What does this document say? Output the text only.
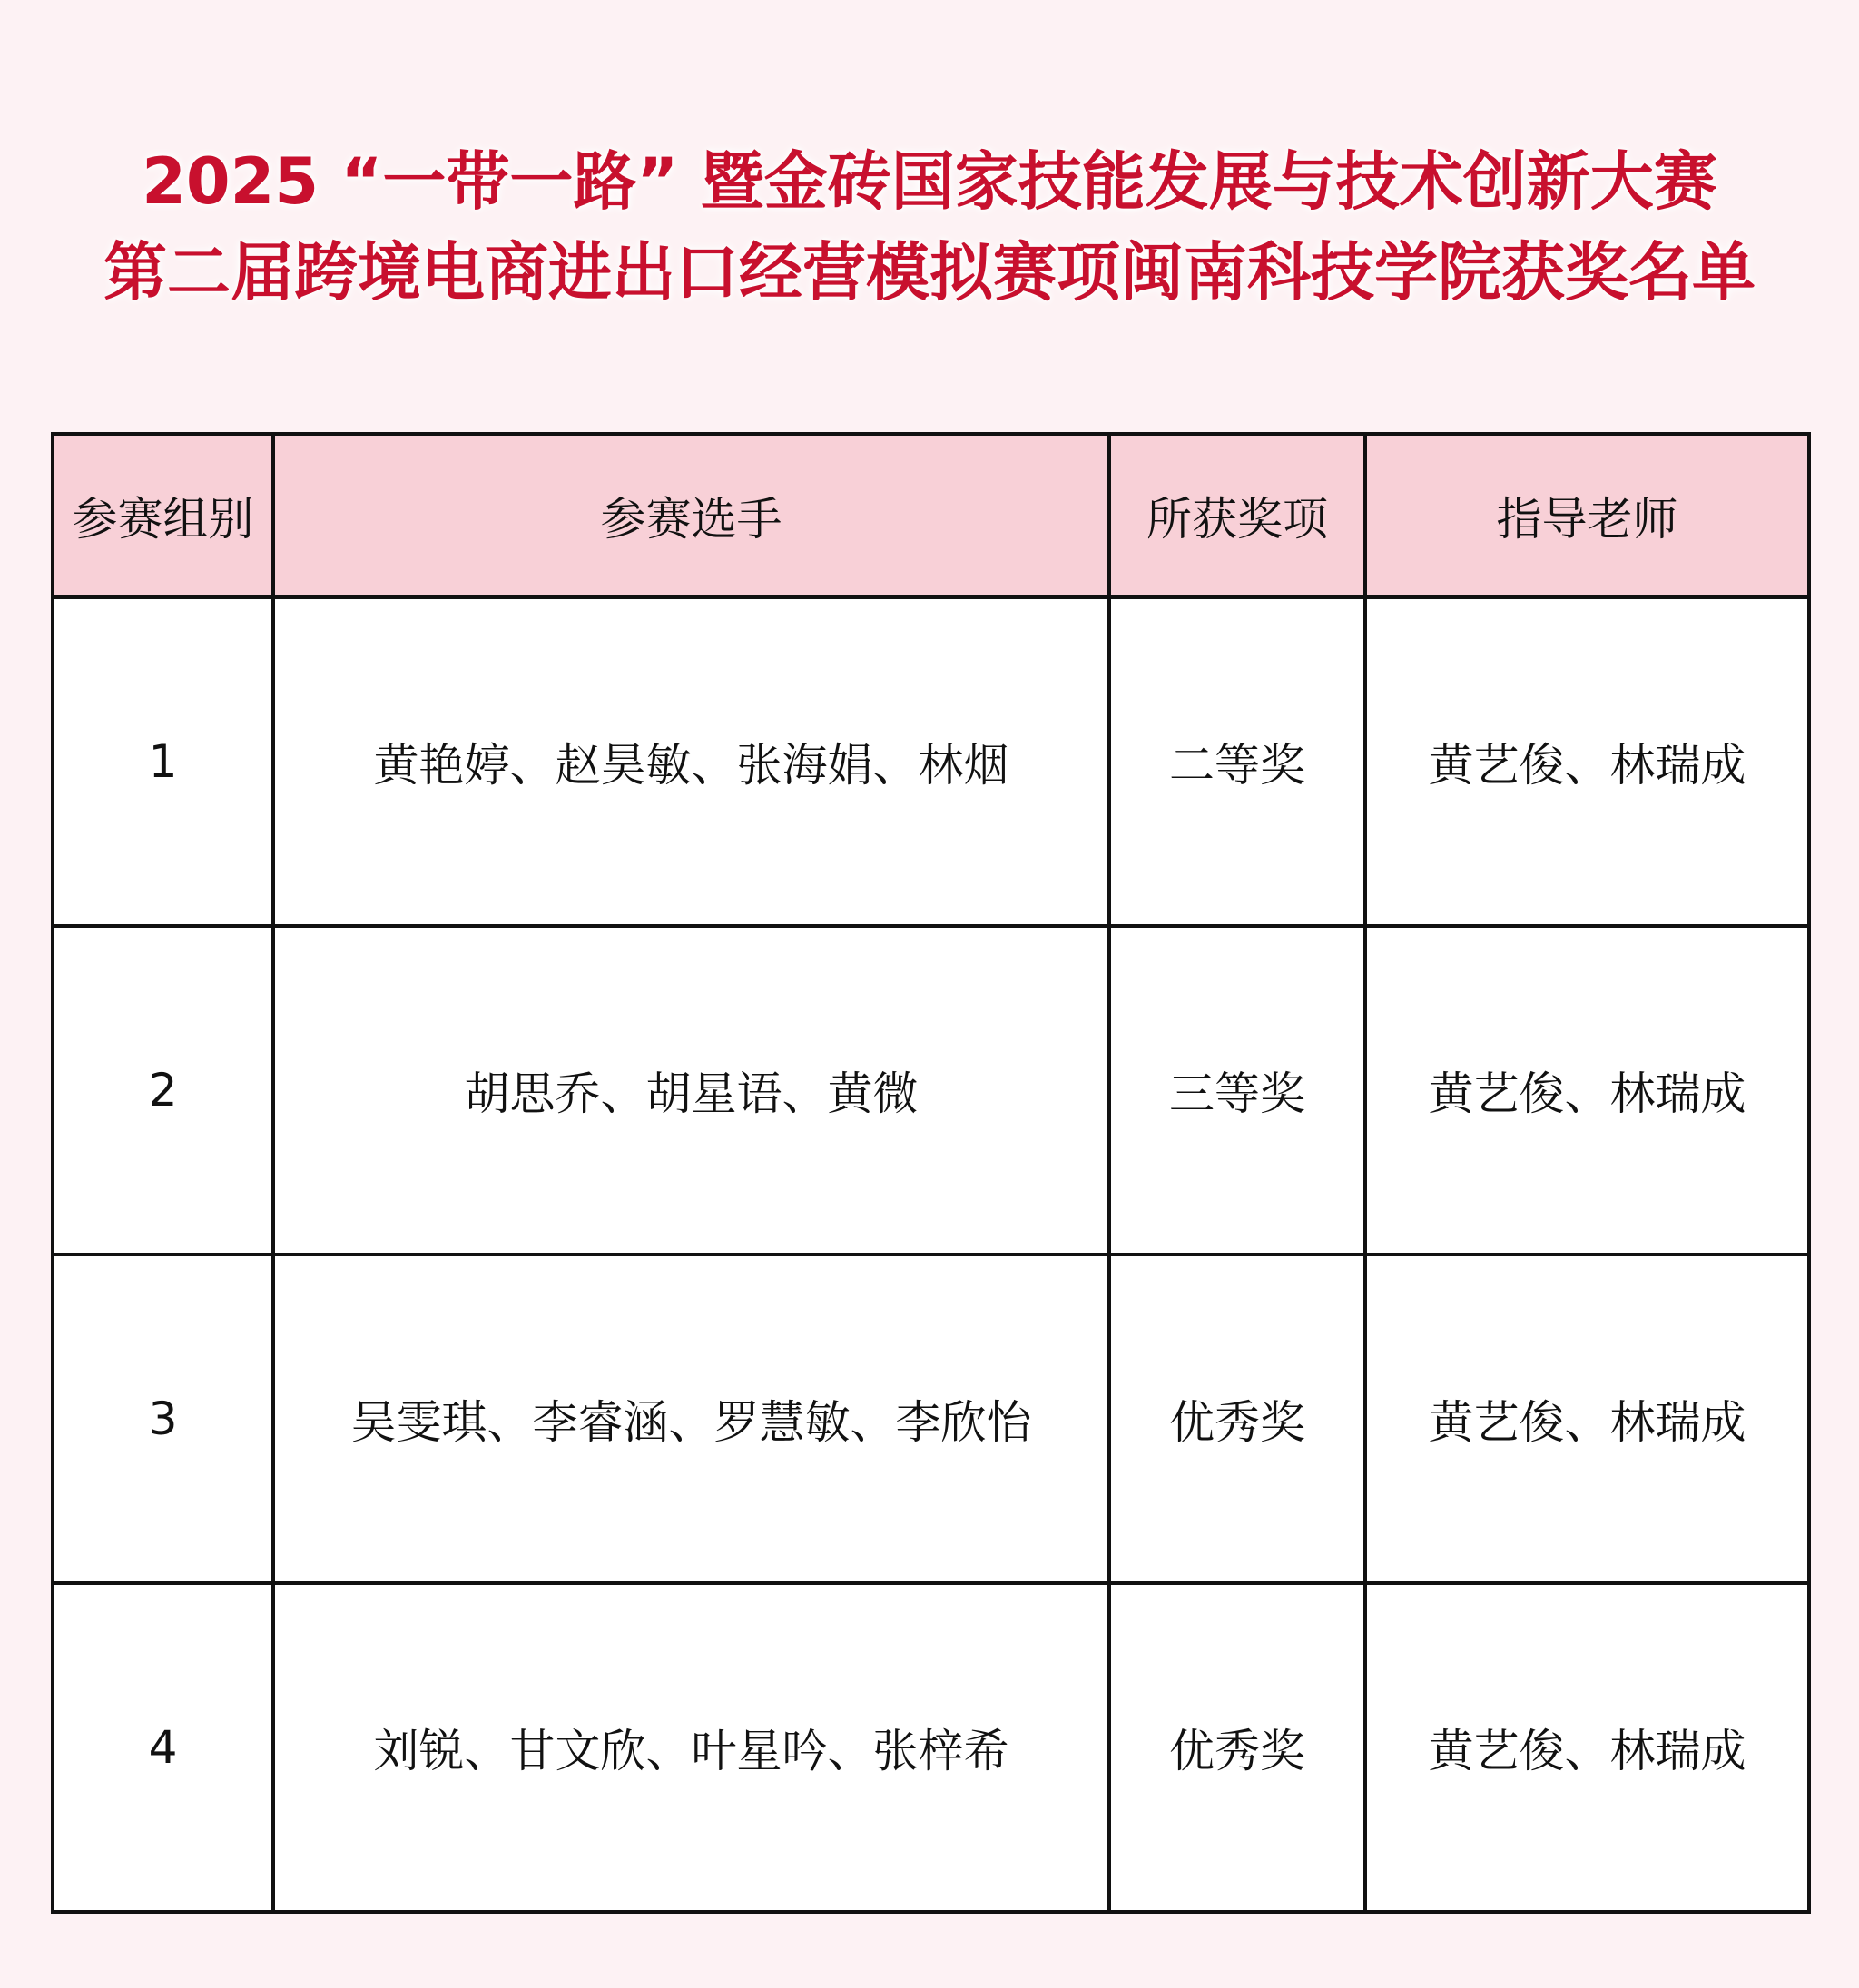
2025 “一带一路” 暨金砖国家技能发展与技术创新大赛
第二届跨境电商进出口经营模拟赛项闽南科技学院获奖名单
参赛组别	参赛选手	所获奖项	指导老师
1	黄艳婷、赵昊敏、张海娟、林烟	二等奖	黄艺俊、林瑞成
2	胡思乔、胡星语、黄微	三等奖	黄艺俊、林瑞成
3	吴雯琪、李睿涵、罗慧敏、李欣怡	优秀奖	黄艺俊、林瑞成
4	刘锐、甘文欣、叶星吟、张梓希	优秀奖	黄艺俊、林瑞成
